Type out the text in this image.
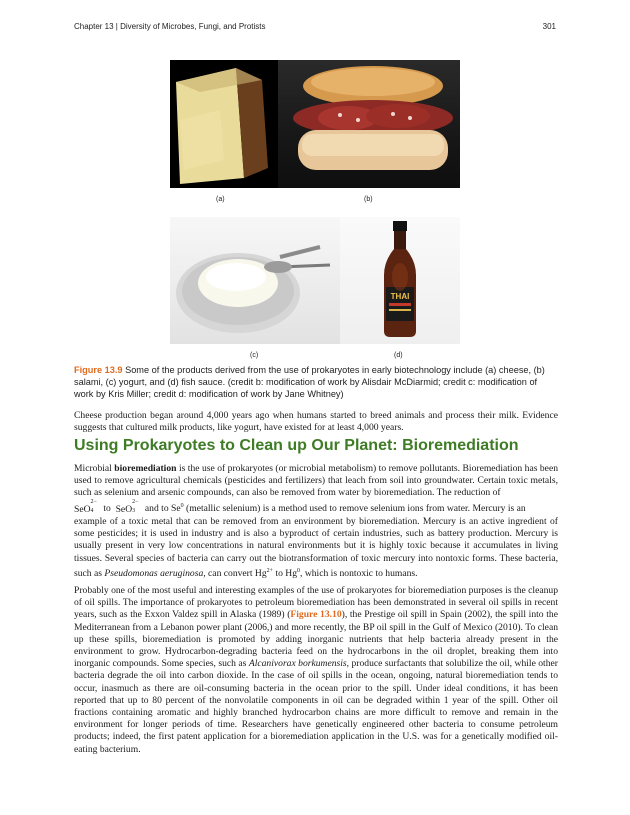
Chapter 13 | Diversity of Microbes, Fungi, and Protists	301
(a)	(b)
THAI
(c)	(d)
Figure 13.9 Some of the products derived from the use of prokaryotes in early biotechnology include (a) cheese, (b) salami, (c) yogurt, and (d) fish sauce. (credit b: modification of work by Alisdair McDiarmid; credit c: modification of work by Kris Miller; credit d: modification of work by Jane Whitney)
Cheese production began around 4,000 years ago when humans started to breed animals and process their milk. Evidence suggests that cultured milk products, like yogurt, have existed for at least 4,000 years.
Using Prokaryotes to Clean up Our Planet: Bioremediation
Microbial bioremediation is the use of prokaryotes (or microbial metabolism) to remove pollutants. Bioremediation has been used to remove agricultural chemicals (pesticides and fertilizers) that leach from soil into groundwater. Certain toxic metals, such as selenium and arsenic compounds, can also be removed from water by bioremediation. The reduction of
SeO
2−
4 to SeO
2−
3 and to Se$^0$ (metallic selenium) is a method used to remove selenium ions from water. Mercury is an
example of a toxic metal that can be removed from an environment by bioremediation. Mercury is an active ingredient of some pesticides; it is used in industry and is also a byproduct of certain industries, such as battery production. Mercury is usually present in very low concentrations in natural environments but it is highly toxic because it accumulates in living tissues. Several species of bacteria can carry out the biotransformation of toxic mercury into nontoxic forms. These bacteria, such as Pseudomonas aeruginosa, can convert $Hg^{2+}$ to Hg$^0$, which is nontoxic to humans.
Probably one of the most useful and interesting examples of the use of prokaryotes for bioremediation purposes is the cleanup of oil spills. The importance of prokaryotes to petroleum bioremediation has been demonstrated in several oil spills in recent years, such as the Exxon Valdez spill in Alaska (1989) (Figure 13.10), the Prestige oil spill in Spain (2002), the spill into the Mediterranean from a Lebanon power plant (2006,) and more recently, the BP oil spill in the Gulf of Mexico (2010). To clean up these spills, bioremediation is promoted by adding inorganic nutrients that help bacteria already present in the environment to grow. Hydrocarbon-degrading bacteria feed on the hydrocarbons in the oil droplet, breaking them into inorganic compounds. Some species, such as Alcanivorax borkumensis, produce surfactants that solubilize the oil, while other bacteria degrade the oil into carbon dioxide. In the case of oil spills in the ocean, ongoing, natural bioremediation tends to occur, inasmuch as there are oil-consuming bacteria in the ocean prior to the spill. Under ideal conditions, it has been reported that up to 80 percent of the nonvolatile components in oil can be degraded within 1 year of the spill. Other oil fractions containing aromatic and highly branched hydrocarbon chains are more difficult to remove and remain in the environment for longer periods of time. Researchers have genetically engineered other bacteria to consume petroleum products; indeed, the first patent application for a bioremediation application in the U.S. was for a genetically modified oil-eating bacterium.
